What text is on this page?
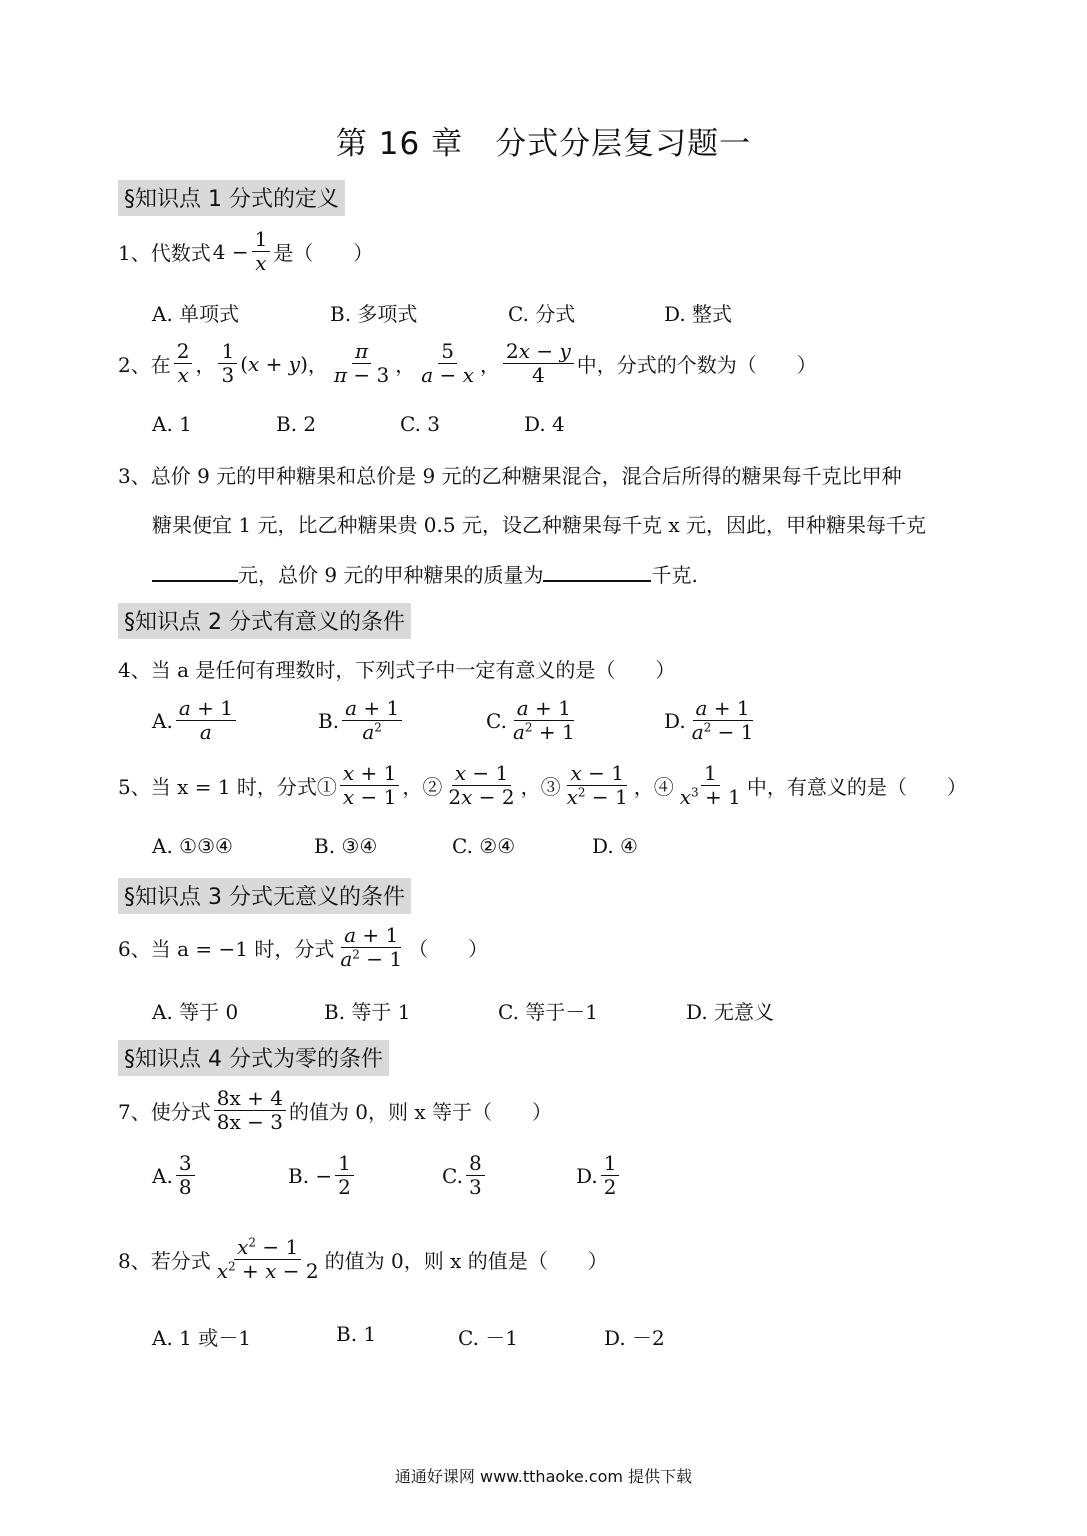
第 16 章　分式分层复习题一
§知识点 1 分式的定义
1、代数式 $4 - \frac{1}{x}$ 是（　　）
A. 单项式	B. 多项式	C. 分式	D. 整式
2、在 $\frac{2}{x}$ ， $\frac{1}{3} (x + y)$ ， $\frac{\pi}{\pi - 3}$ ， $\frac{5}{a - x}$ ， $\frac{2x - y}{4}$ 中，分式的个数为（　　）
A. 1	B. 2	C. 3	D. 4
3、总价 9 元的甲种糖果和总价是 9 元的乙种糖果混合，混合后所得的糖果每千克比甲种
糖果便宜 1 元，比乙种糖果贵 0.5 元，设乙种糖果每千克 x 元，因此，甲种糖果每千克
元，总价 9 元的甲种糖果的质量为	千克.
§知识点 2 分式有意义的条件
4、当 a 是任何有理数时，下列式子中一定有意义的是（　　）
A. $\frac{a + 1}{a}$	B. $\frac{a + 1}{a^2}$	C. $\frac{a + 1}{a^2 + 1}$	D. $\frac{a + 1}{a^2 - 1}$
5、当 x = 1 时，分式① $\frac{x + 1}{x - 1}$ ，② $\frac{x - 1}{2x - 2}$ ，③ $\frac{x - 1}{x^2 - 1}$ ，④ $\frac{1}{x^3 + 1}$ 中，有意义的是（　　）
A. ①③④	B. ③④	C. ②④	D. ④
§知识点 3 分式无意义的条件
6、当 a = −1 时，分式 $\frac{a + 1}{a^2 - 1}$ （　　）
A. 等于 0	B. 等于 1	C. 等于－1	D. 无意义
§知识点 4 分式为零的条件
7、使分式 $\frac{8x + 4}{8x - 3}$ 的值为 0，则 x 等于（　　）
A. $\frac{3}{8}$	B. − $\frac{1}{2}$	C. $\frac{8}{3}$	D. $\frac{1}{2}$
8、若分式 $\frac{x^2 - 1}{x^2 + x - 2}$ 的值为 0，则 x 的值是（　　）
A. 1 或－1	B. 1	C. －1	D. －2
通通好课网 www.tthaoke.com 提供下载
